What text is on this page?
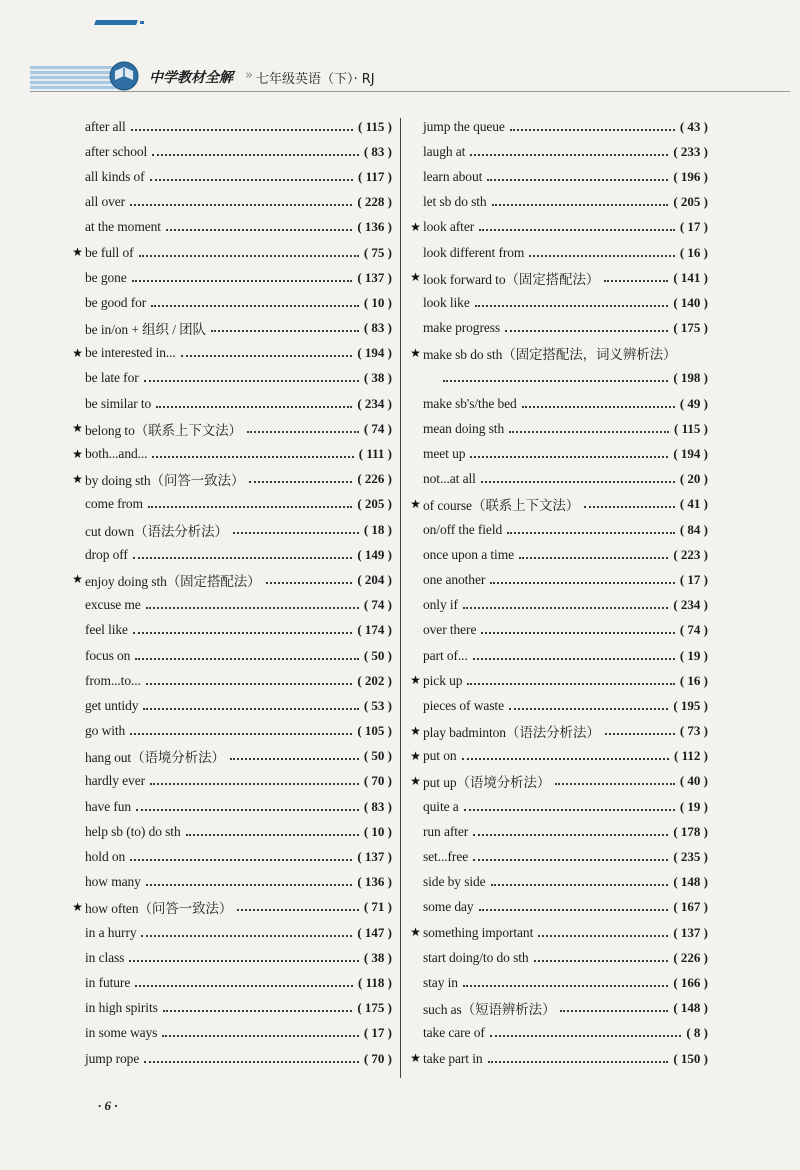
中学教材全解 » 七年级英语（下）· RJ
after all	( 115 )
after school	( 83 )
all kinds of	( 117 )
all over	( 228 )
at the moment	( 136 )
★ be full of	( 75 )
be gone	( 137 )
be good for	( 10 )
be in/on + 组织 / 团队	( 83 )
★ be interested in...	( 194 )
be late for	( 38 )
be similar to	( 234 )
★ belong to（联系上下文法）	( 74 )
★ both...and...	( 111 )
★ by doing sth（问答一致法）	( 226 )
come from	( 205 )
cut down（语法分析法）	( 18 )
drop off	( 149 )
★ enjoy doing sth（固定搭配法）	( 204 )
excuse me	( 74 )
feel like	( 174 )
focus on	( 50 )
from...to...	( 202 )
get untidy	( 53 )
go with	( 105 )
hang out（语境分析法）	( 50 )
hardly ever	( 70 )
have fun	( 83 )
help sb (to) do sth	( 10 )
hold on	( 137 )
how many	( 136 )
★ how often（问答一致法）	( 71 )
in a hurry	( 147 )
in class	( 38 )
in future	( 118 )
in high spirits	( 175 )
in some ways	( 17 )
jump rope	( 70 )
jump the queue	( 43 )
laugh at	( 233 )
learn about	( 196 )
let sb do sth	( 205 )
★ look after	( 17 )
look different from	( 16 )
★ look forward to（固定搭配法）	( 141 )
look like	( 140 )
make progress	( 175 )
★ make sb do sth（固定搭配法，词义辨析法）
( 198 )
make sb's/the bed	( 49 )
mean doing sth	( 115 )
meet up	( 194 )
not...at all	( 20 )
★ of course（联系上下文法）	( 41 )
on/off the field	( 84 )
once upon a time	( 223 )
one another	( 17 )
only if	( 234 )
over there	( 74 )
part of...	( 19 )
★ pick up	( 16 )
pieces of waste	( 195 )
★ play badminton（语法分析法）	( 73 )
★ put on	( 112 )
★ put up（语境分析法）	( 40 )
quite a	( 19 )
run after	( 178 )
set...free	( 235 )
side by side	( 148 )
some day	( 167 )
★ something important	( 137 )
start doing/to do sth	( 226 )
stay in	( 166 )
such as（短语辨析法）	( 148 )
take care of	( 8 )
★ take part in	( 150 )
· 6 ·
